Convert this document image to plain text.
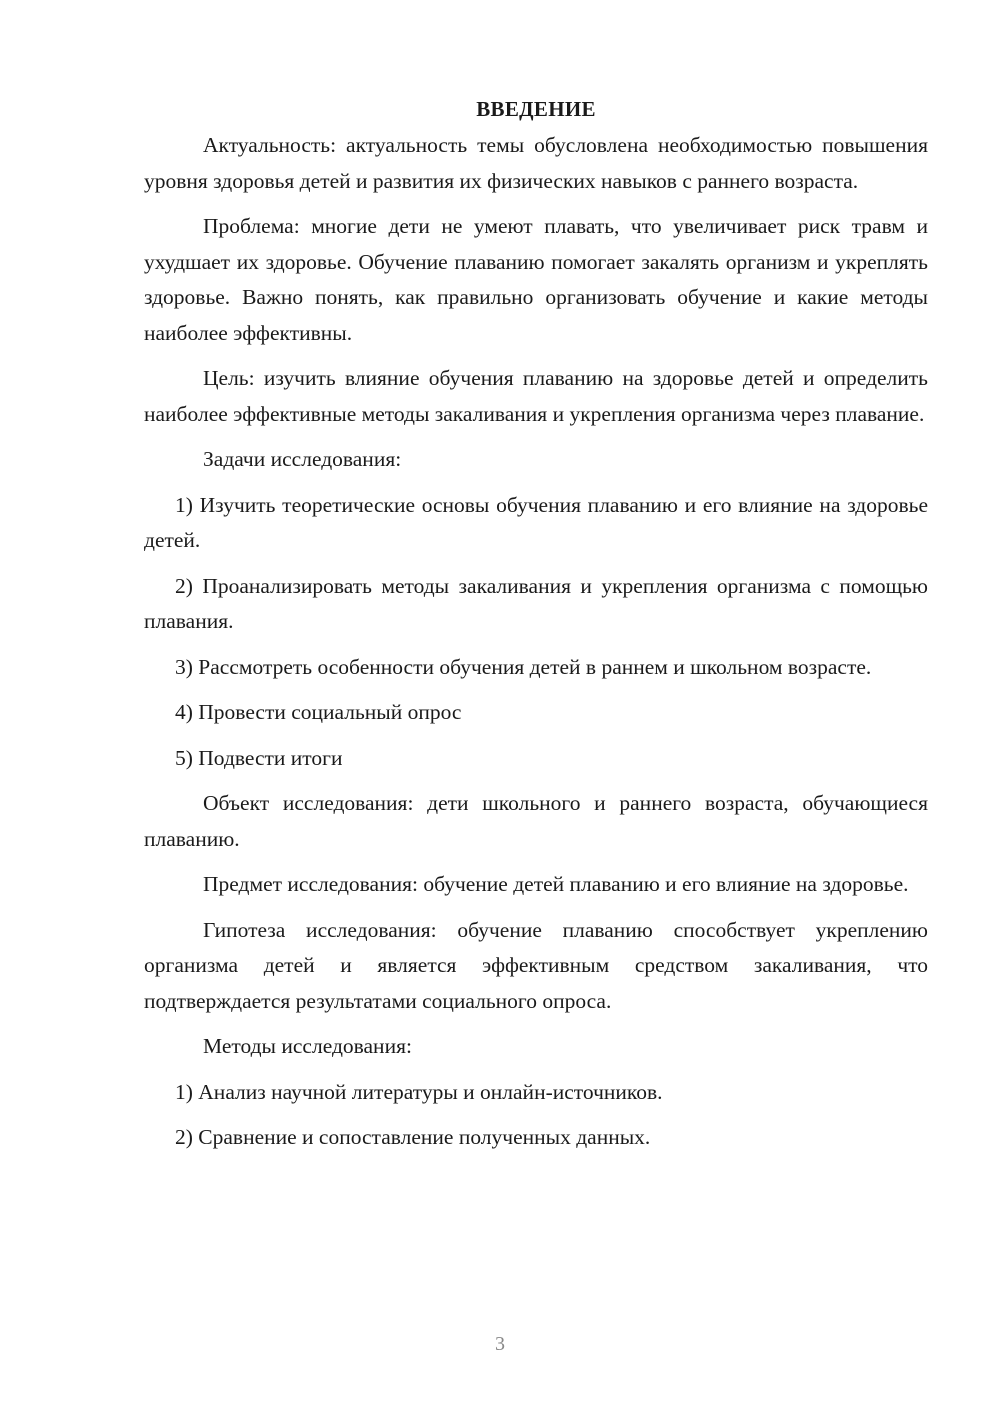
ВВЕДЕНИЕ
Актуальность: актуальность темы обусловлена необходимостью повышения уровня здоровья детей и развития их физических навыков с раннего возраста.
Проблема: многие дети не умеют плавать, что увеличивает риск травм и ухудшает их здоровье. Обучение плаванию помогает закалять организм и укреплять здоровье. Важно понять, как правильно организовать обучение и какие методы наиболее эффективны.
Цель: изучить влияние обучения плаванию на здоровье детей и определить наиболее эффективные методы закаливания и укрепления организма через плавание.
Задачи исследования:
1) Изучить теоретические основы обучения плаванию и его влияние на здоровье детей.
2) Проанализировать методы закаливания и укрепления организма с помощью плавания.
3) Рассмотреть особенности обучения детей в раннем и школьном возрасте.
4) Провести социальный опрос
5) Подвести итоги
Объект исследования: дети школьного и раннего возраста, обучающиеся плаванию.
Предмет исследования: обучение детей плаванию и его влияние на здоровье.
Гипотеза исследования: обучение плаванию способствует укреплению организма детей и является эффективным средством закаливания, что подтверждается результатами социального опроса.
Методы исследования:
1) Анализ научной литературы и онлайн-источников.
2) Сравнение и сопоставление полученных данных.
3
